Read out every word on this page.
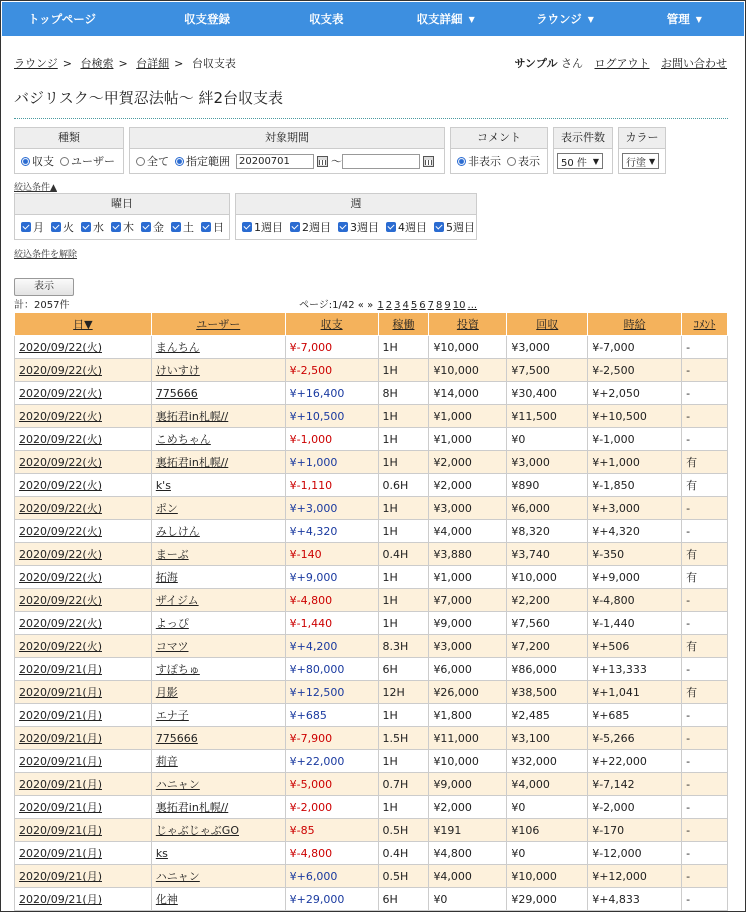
トップページ	収支登録	収支表	収支詳細 ▼	ラウンジ ▼	管理 ▼
ラウンジ > 台検索 > 台詳細 > 台収支表	サンプル さん ログアウト お問い合わせ
バジリスク～甲賀忍法帖～ 絆2台収支表
種類
収支 ユーザー
対象期間
全て 指定範囲 20200701	～
コメント
非表示 表示
表示件数
50 件 ▼
カラー
行塗 ▼
絞込条件▲
曜日
月 火 水 木 金 土 日
週
1週目 2週目 3週目 4週目 5週目
絞込条件を解除
表示
計：2057件	ページ:1/42 « » 1 2 3 4 5 6 7 8 9 10 ...
日▼	ユーザー	収支	稼働	投資	回収	時給	ｺﾒﾝﾄ
2020/09/22(火)	まんちん	¥-7,000	1H	¥10,000	¥3,000	¥-7,000	-
2020/09/22(火)	けいすけ	¥-2,500	1H	¥10,000	¥7,500	¥-2,500	-
2020/09/22(火)	775666	¥+16,400	8H	¥14,000	¥30,400	¥+2,050	-
2020/09/22(火)	裏拓君in札幌//	¥+10,500	1H	¥1,000	¥11,500	¥+10,500	-
2020/09/22(火)	こめちゃん	¥-1,000	1H	¥1,000	¥0	¥-1,000	-
2020/09/22(火)	裏拓君in札幌//	¥+1,000	1H	¥2,000	¥3,000	¥+1,000	有
2020/09/22(火)	k's	¥-1,110	0.6H	¥2,000	¥890	¥-1,850	有
2020/09/22(火)	ポン	¥+3,000	1H	¥3,000	¥6,000	¥+3,000	-
2020/09/22(火)	みしけん	¥+4,320	1H	¥4,000	¥8,320	¥+4,320	-
2020/09/22(火)	まーぶ	¥-140	0.4H	¥3,880	¥3,740	¥-350	有
2020/09/22(火)	拓海	¥+9,000	1H	¥1,000	¥10,000	¥+9,000	有
2020/09/22(火)	ザイジム	¥-4,800	1H	¥7,000	¥2,200	¥-4,800	-
2020/09/22(火)	よっぴ	¥-1,440	1H	¥9,000	¥7,560	¥-1,440	-
2020/09/22(火)	コマツ	¥+4,200	8.3H	¥3,000	¥7,200	¥+506	有
2020/09/21(月)	すぽちゅ	¥+80,000	6H	¥6,000	¥86,000	¥+13,333	-
2020/09/21(月)	月影	¥+12,500	12H	¥26,000	¥38,500	¥+1,041	有
2020/09/21(月)	エナ子	¥+685	1H	¥1,800	¥2,485	¥+685	-
2020/09/21(月)	775666	¥-7,900	1.5H	¥11,000	¥3,100	¥-5,266	-
2020/09/21(月)	莉音	¥+22,000	1H	¥10,000	¥32,000	¥+22,000	-
2020/09/21(月)	ハニャン	¥-5,000	0.7H	¥9,000	¥4,000	¥-7,142	-
2020/09/21(月)	裏拓君in札幌//	¥-2,000	1H	¥2,000	¥0	¥-2,000	-
2020/09/21(月)	じゃぶじゃぶGO	¥-85	0.5H	¥191	¥106	¥-170	-
2020/09/21(月)	ks	¥-4,800	0.4H	¥4,800	¥0	¥-12,000	-
2020/09/21(月)	ハニャン	¥+6,000	0.5H	¥4,000	¥10,000	¥+12,000	-
2020/09/21(月)	化神	¥+29,000	6H	¥0	¥29,000	¥+4,833	-
